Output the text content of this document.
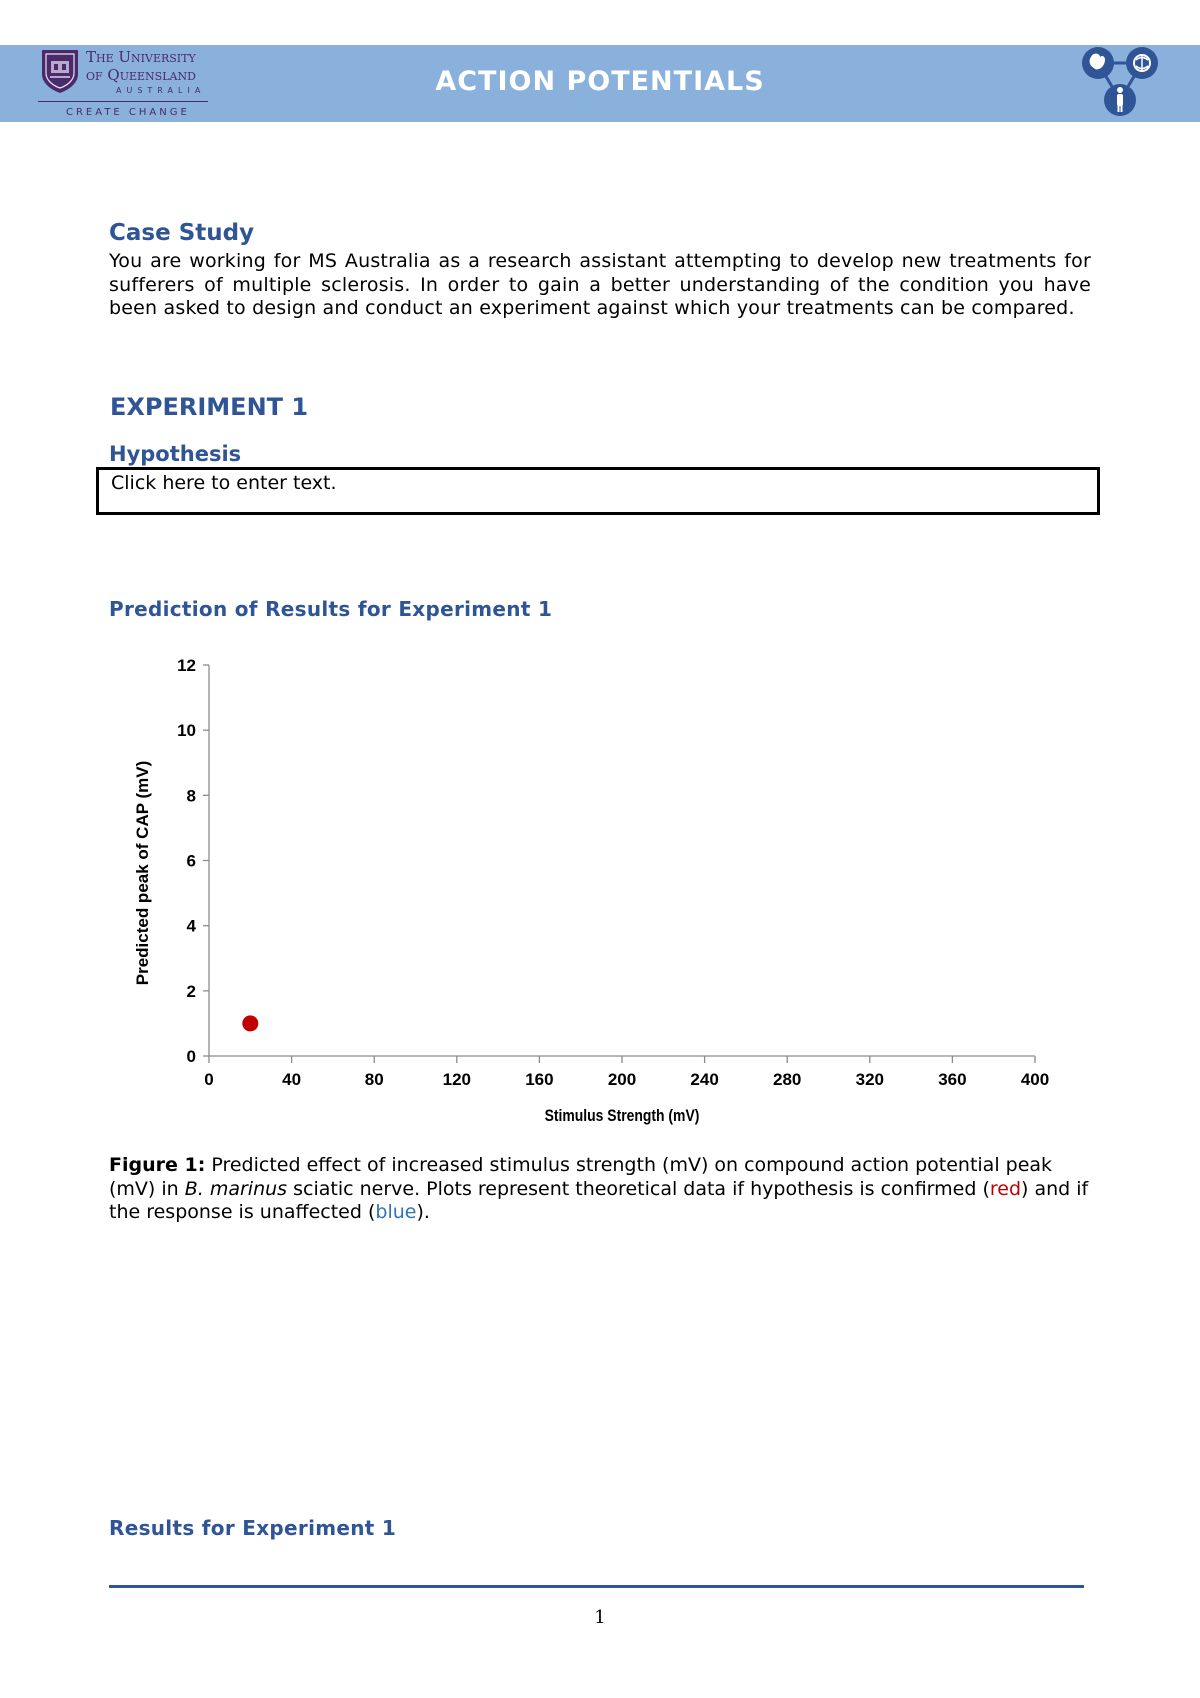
The University
of Queensland
AUSTRALIA
CREATE CHANGE
ACTION POTENTIALS
Case Study
You are working for MS Australia as a research assistant attempting to develop new treatments for sufferers of multiple sclerosis. In order to gain a better understanding of the condition you have been asked to design and conduct an experiment against which your treatments can be compared.
EXPERIMENT 1
Hypothesis
Click here to enter text.
Prediction of Results for Experiment 1
0
2
4
6
8
10
12
0	40	80	120	160	200	240	280	320	360	400
Stimulus Strength (mV)
Predicted peak of CAP (mV)
Figure 1: Predicted effect of increased stimulus strength (mV) on compound action potential peak (mV) in B. marinus sciatic nerve. Plots represent theoretical data if hypothesis is confirmed (red) and if the response is unaffected (blue).
Results for Experiment 1
1
